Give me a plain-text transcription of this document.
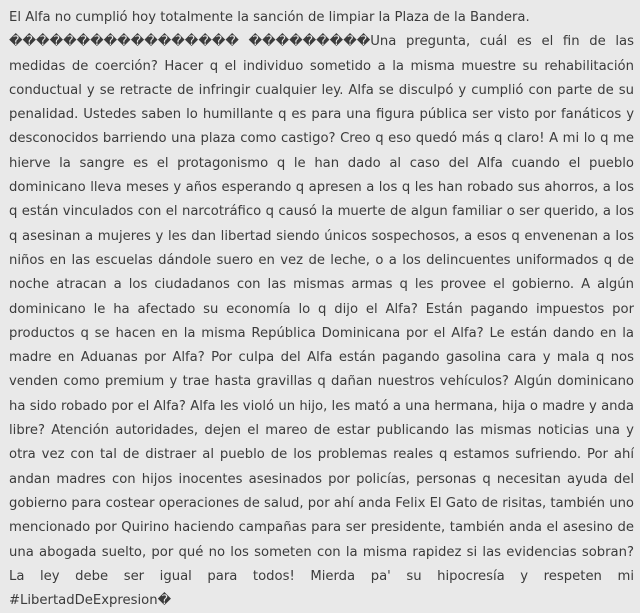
El Alfa no cumplió hoy totalmente la sanción de limpiar la Plaza de la Bandera.
����������������� ���������Una pregunta, cuál es el fin de las medidas de coerción? Hacer q el individuo sometido a la misma muestre su rehabilitación conductual y se retracte de infringir cualquier ley. Alfa se disculpó y cumplió con parte de su penalidad. Ustedes saben lo humillante q es para una figura pública ser visto por fanáticos y desconocidos barriendo una plaza como castigo? Creo q eso quedó más q claro! A mi lo q me hierve la sangre es el protagonismo q le han dado al caso del Alfa cuando el pueblo dominicano lleva meses y años esperando q apresen a los q les han robado sus ahorros, a los q están vinculados con el narcotráfico q causó la muerte de algun familiar o ser querido, a los q asesinan a mujeres y les dan libertad siendo únicos sospechosos, a esos q envenenan a los niños en las escuelas dándole suero en vez de leche, o a los delincuentes uniformados q de noche atracan a los ciudadanos con las mismas armas q les provee el gobierno. A algún dominicano le ha afectado su economía lo q dijo el Alfa? Están pagando impuestos por productos q se hacen en la misma República Dominicana por el Alfa? Le están dando en la madre en Aduanas por Alfa? Por culpa del Alfa están pagando gasolina cara y mala q nos venden como premium y trae hasta gravillas q dañan nuestros vehículos? Algún dominicano ha sido robado por el Alfa? Alfa les violó un hijo, les mató a una hermana, hija o madre y anda libre? Atención autoridades, dejen el mareo de estar publicando las mismas noticias una y otra vez con tal de distraer al pueblo de los problemas reales q estamos sufriendo. Por ahí andan madres con hijos inocentes asesinados por policías, personas q necesitan ayuda del gobierno para costear operaciones de salud, por ahí anda Felix El Gato de risitas, también uno mencionado por Quirino haciendo campañas para ser presidente, también anda el asesino de una abogada suelto, por qué no los someten con la misma rapidez si las evidencias sobran? La ley debe ser igual para todos! Mierda pa' su hipocresía y respeten mi #LibertadDeExpresion�
